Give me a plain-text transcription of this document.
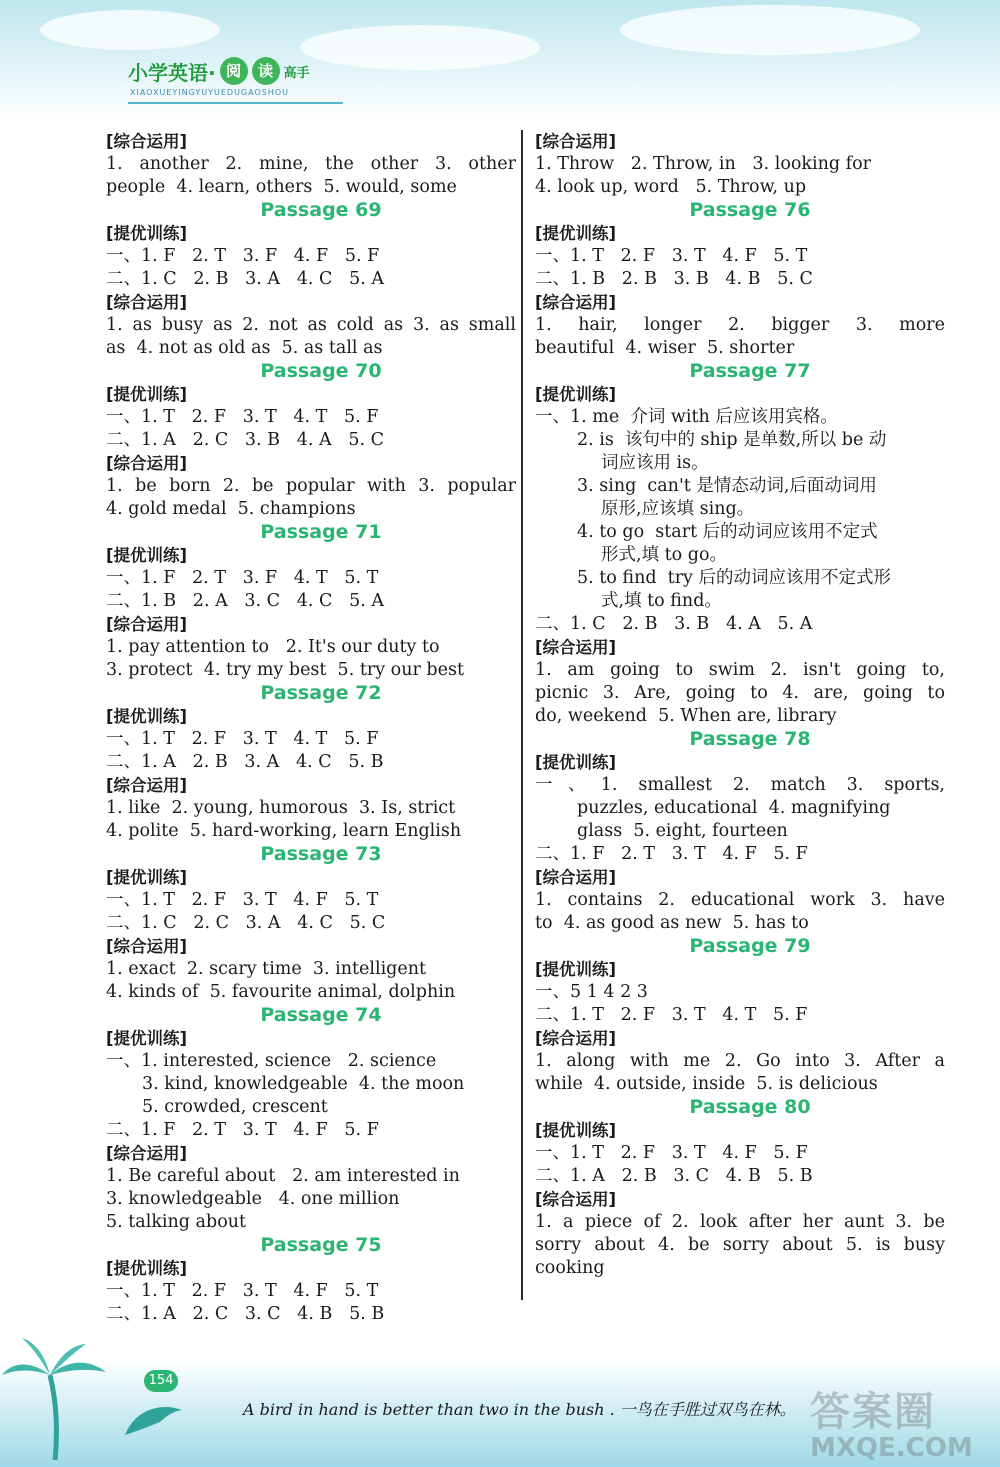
小学英语· 阅	读 高手
XIAOXUEYINGYUYUEDUGAOSHOU
[综合运用]
1. another 2. mine, the other 3. other
people  4. learn, others  5. would, some
Passage 69
[提优训练]
一、1. F   2. T   3. F   4. F   5. F
二、1. C   2. B   3. A   4. C   5. A
[综合运用]
1. as busy as 2. not as cold as 3. as small
as  4. not as old as  5. as tall as
Passage 70
[提优训练]
一、1. T   2. F   3. T   4. T   5. F
二、1. A   2. C   3. B   4. A   5. C
[综合运用]
1. be born 2. be popular with 3. popular
4. gold medal  5. champions
Passage 71
[提优训练]
一、1. F   2. T   3. F   4. T   5. T
二、1. B   2. A   3. C   4. C   5. A
[综合运用]
1. pay attention to   2. It's our duty to
3. protect  4. try my best  5. try our best
Passage 72
[提优训练]
一、1. T   2. F   3. T   4. T   5. F
二、1. A   2. B   3. A   4. C   5. B
[综合运用]
1. like  2. young, humorous  3. Is, strict
4. polite  5. hard-working, learn English
Passage 73
[提优训练]
一、1. T   2. F   3. T   4. F   5. T
二、1. C   2. C   3. A   4. C   5. C
[综合运用]
1. exact  2. scary time  3. intelligent
4. kinds of  5. favourite animal, dolphin
Passage 74
[提优训练]
一、1. interested, science   2. science
3. kind, knowledgeable  4. the moon
5. crowded, crescent
二、1. F   2. T   3. T   4. F   5. F
[综合运用]
1. Be careful about   2. am interested in
3. knowledgeable   4. one million
5. talking about
Passage 75
[提优训练]
一、1. T   2. F   3. T   4. F   5. T
二、1. A   2. C   3. C   4. B   5. B
[综合运用]
1. Throw   2. Throw, in   3. looking for
4. look up, word   5. Throw, up
Passage 76
[提优训练]
一、1. T   2. F   3. T   4. F   5. T
二、1. B   2. B   3. B   4. B   5. C
[综合运用]
1. hair, longer 2. bigger 3. more
beautiful  4. wiser  5. shorter
Passage 77
[提优训练]
一、1. me  介词 with 后应该用宾格。
2. is  该句中的 ship 是单数,所以 be 动
词应该用 is。
3. sing  can't 是情态动词,后面动词用
原形,应该填 sing。
4. to go  start 后的动词应该用不定式
形式,填 to go。
5. to find  try 后的动词应该用不定式形
式,填 to find。
二、1. C   2. B   3. B   4. A   5. A
[综合运用]
1. am going to swim 2. isn't going to,
picnic 3. Are, going to 4. are, going to
do, weekend  5. When are, library
Passage 78
[提优训练]
一、1. smallest 2. match 3. sports,
puzzles, educational  4. magnifying
glass  5. eight, fourteen
二、1. F   2. T   3. T   4. F   5. F
[综合运用]
1. contains 2. educational work 3. have
to  4. as good as new  5. has to
Passage 79
[提优训练]
一、5 1 4 2 3
二、1. T   2. F   3. T   4. T   5. F
[综合运用]
1. along with me 2. Go into 3. After a
while  4. outside, inside  5. is delicious
Passage 80
[提优训练]
一、1. T   2. F   3. T   4. F   5. F
二、1. A   2. B   3. C   4. B   5. B
[综合运用]
1. a piece of 2. look after her aunt 3. be
sorry about 4. be sorry about 5. is busy
cooking
154
A bird in hand is better than two in the bush . 一鸟在手胜过双鸟在林。 答案圈
MXQE.COM
